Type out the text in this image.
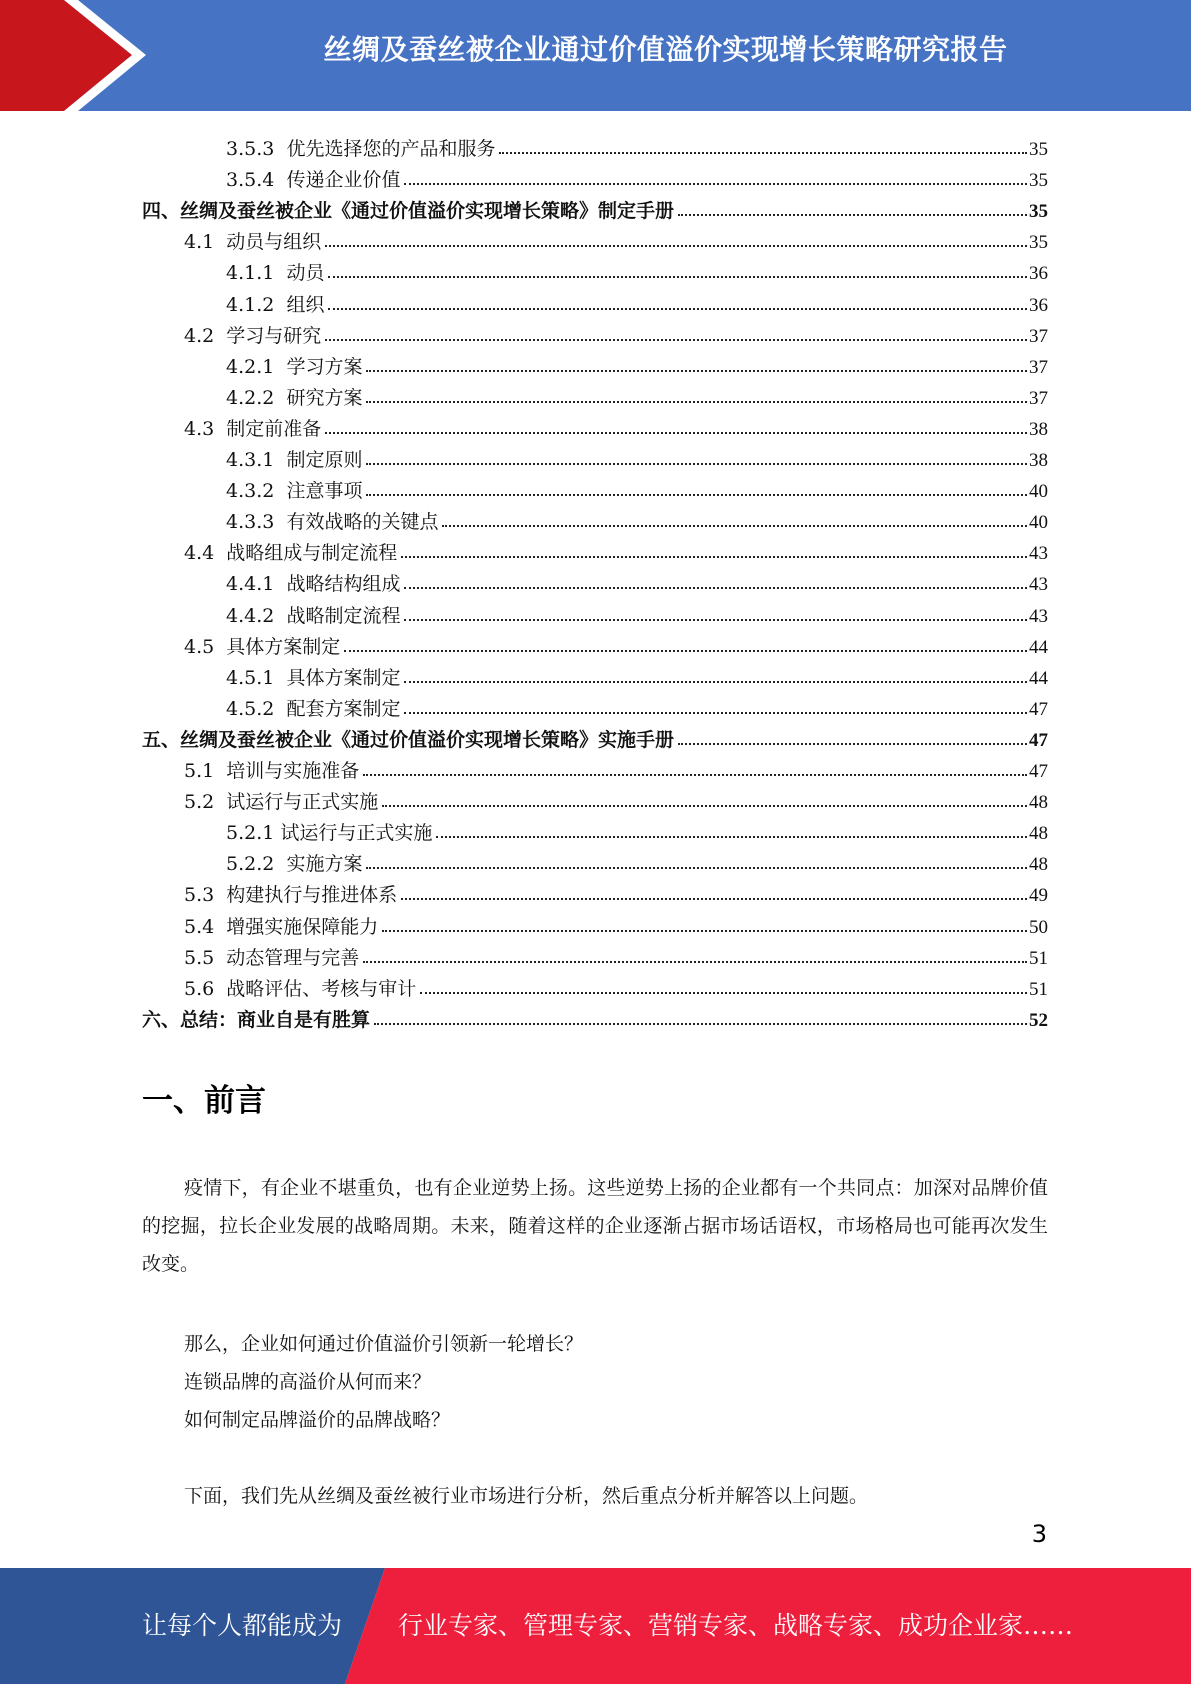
丝绸及蚕丝被企业通过价值溢价实现增长策略研究报告
3.5.3 优先选择您的产品和服务	35
3.5.4 传递企业价值	35
四、丝绸及蚕丝被企业《通过价值溢价实现增长策略》制定手册	35
4.1 动员与组织	35
4.1.1 动员	36
4.1.2 组织	36
4.2 学习与研究	37
4.2.1 学习方案	37
4.2.2 研究方案	37
4.3 制定前准备	38
4.3.1 制定原则	38
4.3.2 注意事项	40
4.3.3 有效战略的关键点	40
4.4 战略组成与制定流程	43
4.4.1 战略结构组成	43
4.4.2 战略制定流程	43
4.5 具体方案制定	44
4.5.1 具体方案制定	44
4.5.2 配套方案制定	47
五、丝绸及蚕丝被企业《通过价值溢价实现增长策略》实施手册	47
5.1 培训与实施准备	47
5.2 试运行与正式实施	48
5.2.1 试运行与正式实施	48
5.2.2 实施方案	48
5.3 构建执行与推进体系	49
5.4 增强实施保障能力	50
5.5 动态管理与完善	51
5.6 战略评估、考核与审计	51
六、总结：商业自是有胜算	52
一、前言
疫情下，有企业不堪重负，也有企业逆势上扬。这些逆势上扬的企业都有一个共同点：加深对品牌价值的挖掘，拉长企业发展的战略周期。未来，随着这样的企业逐渐占据市场话语权，市场格局也可能再次发生改变。
那么，企业如何通过价值溢价引领新一轮增长？
连锁品牌的高溢价从何而来？
如何制定品牌溢价的品牌战略？
下面，我们先从丝绸及蚕丝被行业市场进行分析，然后重点分析并解答以上问题。
3
让每个人都能成为 行业专家、管理专家、营销专家、战略专家、成功企业家……
